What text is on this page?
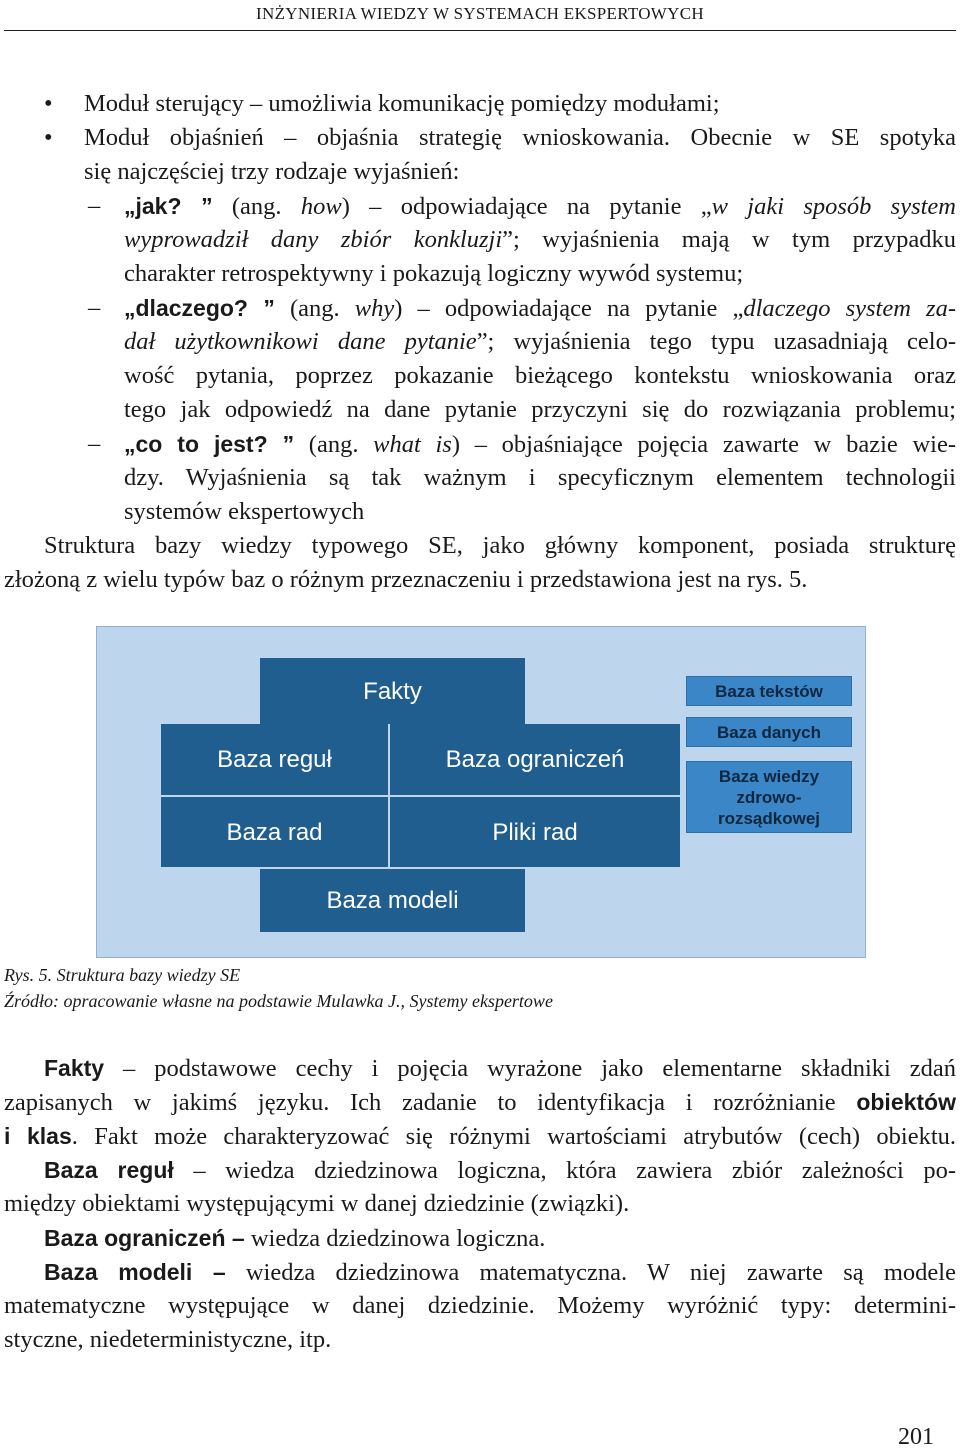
INŻYNIERIA WIEDZY W SYSTEMACH EKSPERTOWYCH
• Moduł sterujący – umożliwia komunikację pomiędzy modułami;
• Moduł objaśnień – objaśnia strategię wnioskowania. Obecnie w SE spotyka
się najczęściej trzy rodzaje wyjaśnień:
– „jak? ” (ang. how) – odpowiadające na pytanie „w jaki sposób system
wyprowadził dany zbiór konkluzji”; wyjaśnienia mają w tym przypadku
charakter retrospektywny i pokazują logiczny wywód systemu;
– „dlaczego? ” (ang. why) – odpowiadające na pytanie „dlaczego system za-
dał użytkownikowi dane pytanie”; wyjaśnienia tego typu uzasadniają celo-
wość pytania, poprzez pokazanie bieżącego kontekstu wnioskowania oraz
tego jak odpowiedź na dane pytanie przyczyni się do rozwiązania problemu;
– „co to jest? ” (ang. what is) – objaśniające pojęcia zawarte w bazie wie-
dzy. Wyjaśnienia są tak ważnym i specyficznym elementem technologii
systemów ekspertowych
Struktura bazy wiedzy typowego SE, jako główny komponent, posiada strukturę
złożoną z wielu typów baz o różnym przeznaczeniu i przedstawiona jest na rys. 5.
Fakty
Baza reguł	Baza ograniczeń
Baza rad	Pliki rad
Baza modeli
Baza tekstów
Baza danych
Baza wiedzy zdrowo-rozsądkowej
Rys. 5. Struktura bazy wiedzy SE
Źródło: opracowanie własne na podstawie Mulawka J., Systemy ekspertowe
Fakty – podstawowe cechy i pojęcia wyrażone jako elementarne składniki zdań
zapisanych w jakimś języku. Ich zadanie to identyfikacja i rozróżnianie obiektów
i klas. Fakt może charakteryzować się różnymi wartościami atrybutów (cech) obiektu.
Baza reguł – wiedza dziedzinowa logiczna, która zawiera zbiór zależności po-
między obiektami występującymi w danej dziedzinie (związki).
Baza ograniczeń – wiedza dziedzinowa logiczna.
Baza modeli – wiedza dziedzinowa matematyczna. W niej zawarte są modele
matematyczne występujące w danej dziedzinie. Możemy wyróżnić typy: determini-
styczne, niedeterministyczne, itp.
201
